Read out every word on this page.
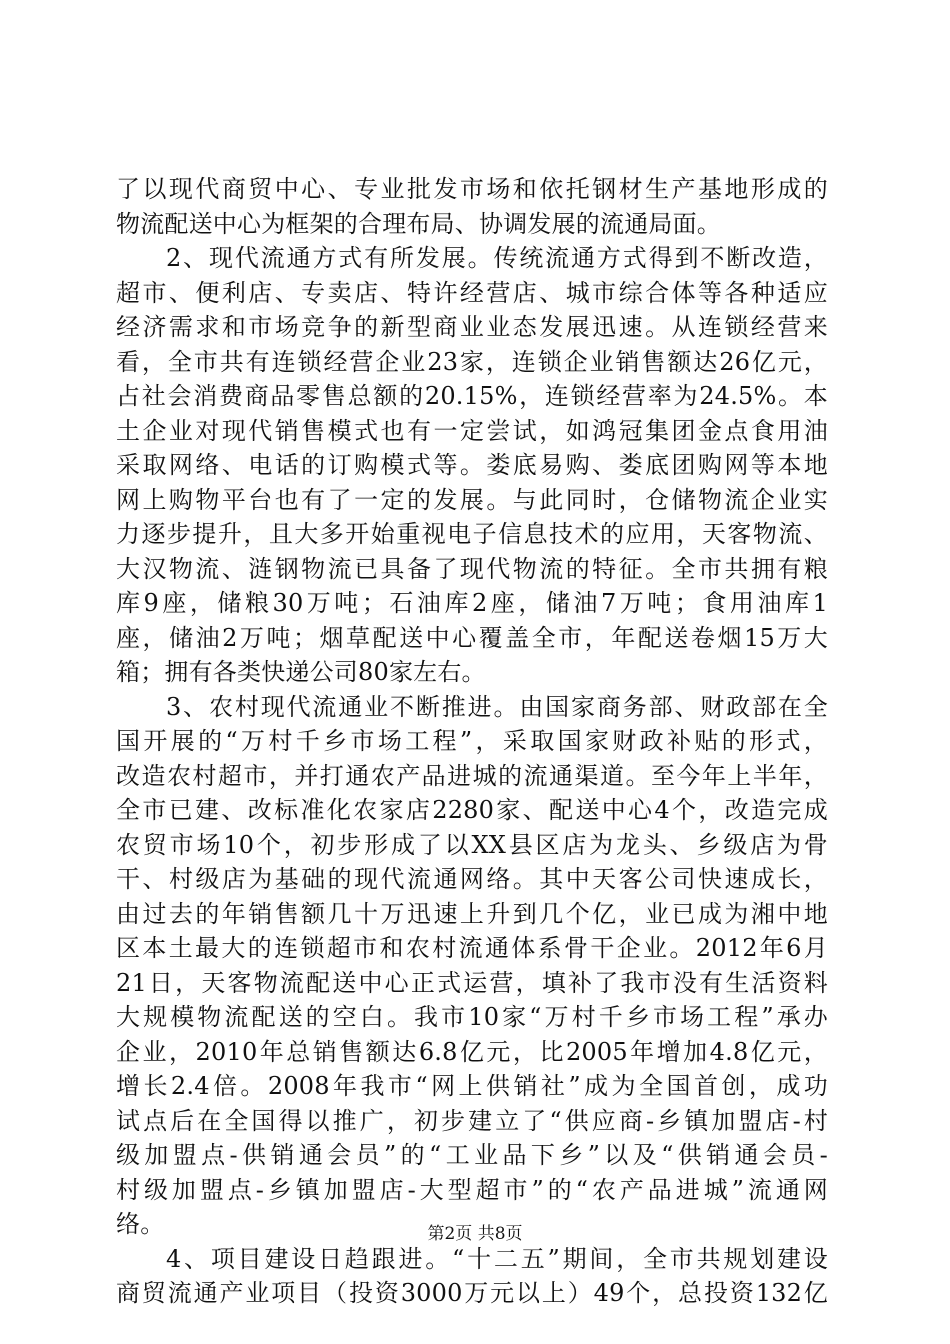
了以现代商贸中心、专业批发市场和依托钢材生产基地形成的
物流配送中心为框架的合理布局、协调发展的流通局面。
2、现代流通方式有所发展。传统流通方式得到不断改造，
超市、便利店、专卖店、特许经营店、城市综合体等各种适应
经济需求和市场竞争的新型商业业态发展迅速。从连锁经营来
看，全市共有连锁经营企业23家，连锁企业销售额达26亿元，
占社会消费商品零售总额的20.15%，连锁经营率为24.5%。本
土企业对现代销售模式也有一定尝试，如鸿冠集团金点食用油
采取网络、电话的订购模式等。娄底易购、娄底团购网等本地
网上购物平台也有了一定的发展。与此同时，仓储物流企业实
力逐步提升，且大多开始重视电子信息技术的应用，天客物流、
大汉物流、涟钢物流已具备了现代物流的特征。全市共拥有粮
库9座，储粮30万吨；石油库2座，储油7万吨；食用油库1
座，储油2万吨；烟草配送中心覆盖全市，年配送卷烟15万大
箱；拥有各类快递公司80家左右。
3、农村现代流通业不断推进。由国家商务部、财政部在全
国开展的“万村千乡市场工程”，采取国家财政补贴的形式，
改造农村超市，并打通农产品进城的流通渠道。至今年上半年，
全市已建、改标准化农家店2280家、配送中心4个，改造完成
农贸市场10个，初步形成了以XX县区店为龙头、乡级店为骨
干、村级店为基础的现代流通网络。其中天客公司快速成长，
由过去的年销售额几十万迅速上升到几个亿，业已成为湘中地
区本土最大的连锁超市和农村流通体系骨干企业。2012年6月
21日，天客物流配送中心正式运营，填补了我市没有生活资料
大规模物流配送的空白。我市10家“万村千乡市场工程”承办
企业，2010年总销售额达6.8亿元，比2005年增加4.8亿元，
增长2.4倍。2008年我市“网上供销社”成为全国首创，成功
试点后在全国得以推广，初步建立了“供应商-乡镇加盟店-村
级加盟点-供销通会员”的“工业品下乡”以及“供销通会员-
村级加盟点-乡镇加盟店-大型超市”的“农产品进城”流通网
络。
4、项目建设日趋跟进。“十二五”期间，全市共规划建设
商贸流通产业项目（投资3000万元以上）49个，总投资132亿
第2页 共8页
